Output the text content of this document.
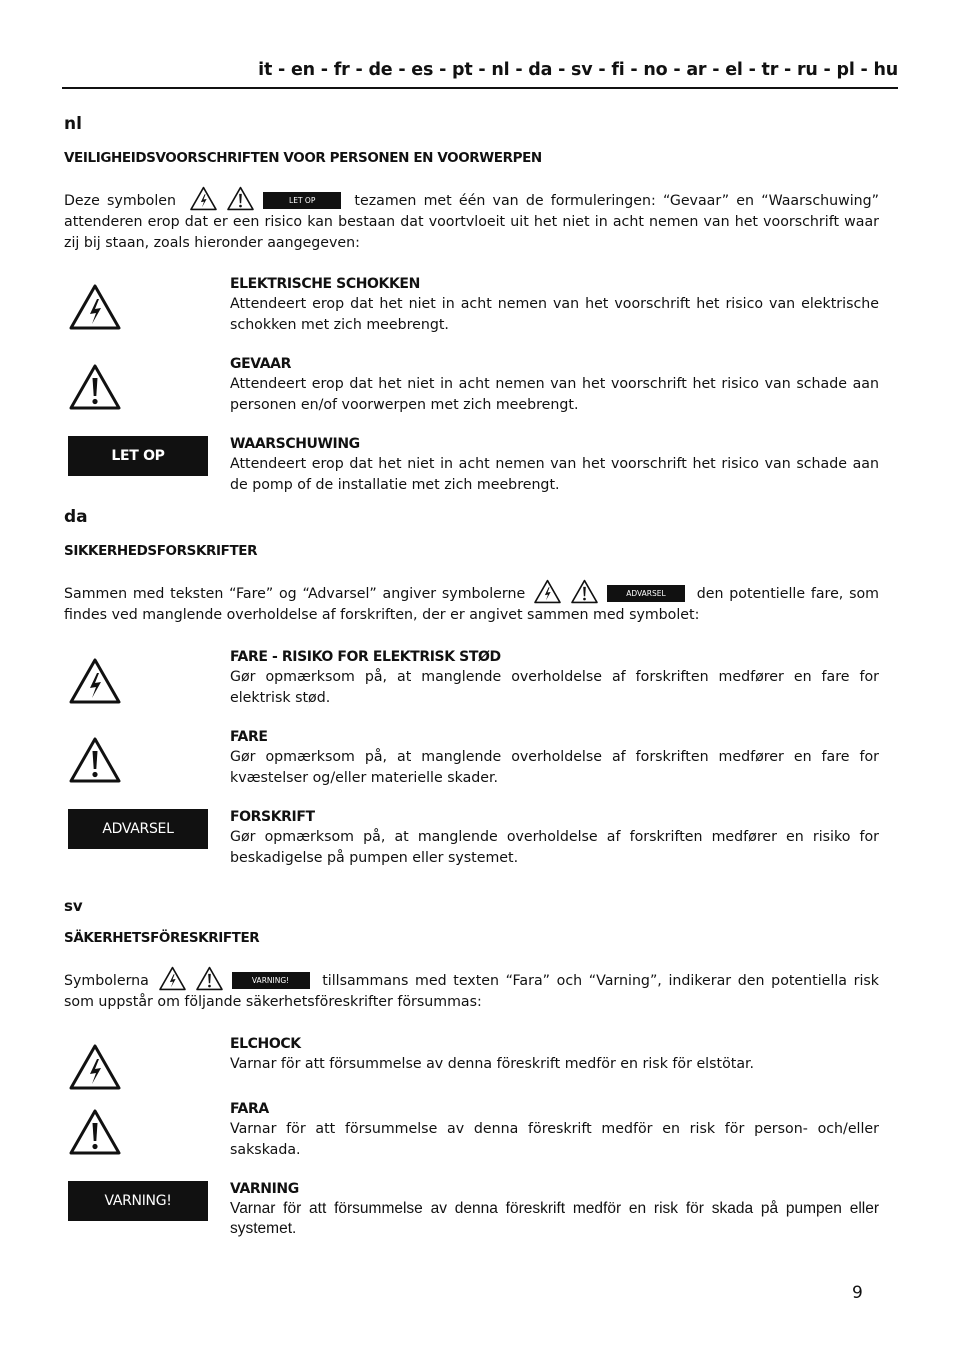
it - en - fr - de - es - pt - nl - da - sv - fi - no - ar - el - tr - ru - pl - hu
nl
VEILIGHEIDSVOORSCHRIFTEN VOOR PERSONEN EN VOORWERPEN
Deze symbolen	LET OP	tezamen met één van de formuleringen: “Gevaar” en “Waarschuwing” attenderen erop dat er een risico kan bestaan dat voortvloeit uit het niet in acht nemen van het voorschrift waar zij bij staan, zoals hieronder aangegeven:
ELEKTRISCHE SCHOKKEN
Attendeert erop dat het niet in acht nemen van het voorschrift het risico van elektrische schokken met zich meebrengt.
GEVAAR
Attendeert erop dat het niet in acht nemen van het voorschrift het risico van schade aan personen en/of voorwerpen met zich meebrengt.
LET OP
WAARSCHUWING
Attendeert erop dat het niet in acht nemen van het voorschrift het risico van schade aan de pomp of de installatie met zich meebrengt.
da
SIKKERHEDSFORSKRIFTER
Sammen med teksten “Fare” og “Advarsel” angiver symbolerne	ADVARSEL den potentielle fare, som findes ved manglende overholdelse af forskriften, der er angivet sammen med symbolet:
FARE - RISIKO FOR ELEKTRISK STØD
Gør opmærksom på, at manglende overholdelse af forskriften medfører en fare for elektrisk stød.
FARE
Gør opmærksom på, at manglende overholdelse af forskriften medfører en fare for kvæstelser og/eller materielle skader.
ADVARSEL
FORSKRIFT
Gør opmærksom på, at manglende overholdelse af forskriften medfører en risiko for beskadigelse på pumpen eller systemet.
sv
SÄKERHETSFÖRESKRIFTER
Symbolerna	VARNING! tillsammans med texten “Fara” och “Varning”, indikerar den potentiella risk som uppstår om följande säkerhetsföreskrifter försummas:
ELCHOCK
Varnar för att försummelse av denna föreskrift medför en risk för elstötar.
FARA
Varnar för att försummelse av denna föreskrift medför en risk för person- och/eller sakskada.
VARNING!
VARNING
Varnar för att försummelse av denna föreskrift medför en risk för skada på pumpen eller systemet.
9
